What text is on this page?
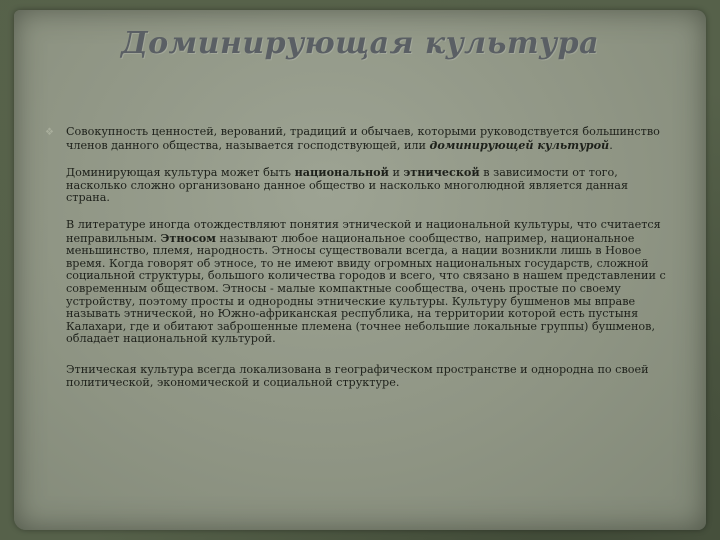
Доминирующая культура
❖ Совокупность ценностей, верований, традиций и обычаев, которыми руководствуется большинство членов данного общества, называется господствующей, или доминирующей культурой.

Доминирующая культура может быть национальной и этнической в зависимости от того, насколько сложно организовано данное общество и насколько многолюдной является данная страна.

В литературе иногда отождествляют понятия этнической и национальной культуры, что считается неправильным. Этносом называют любое национальное сообщество, например, национальное меньшинство, племя, народность. Этносы существовали всегда, а нации возникли лишь в Новое время. Когда говорят об этносе, то не имеют ввиду огромных национальных государств, сложной социальной структуры, большого количества городов и всего, что связано в нашем представлении с современным обществом. Этносы - малые компактные сообщества, очень простые по своему устройству, поэтому просты и однородны этнические культуры. Культуру бушменов мы вправе называть этнической, но Южно-африканская республика, на территории которой есть пустыня Калахари, где и обитают заброшенные племена (точнее небольшие локальные группы) бушменов, обладает национальной культурой.

Этническая культура всегда локализована в географическом пространстве и однородна по своей политической, экономической и социальной структуре.
